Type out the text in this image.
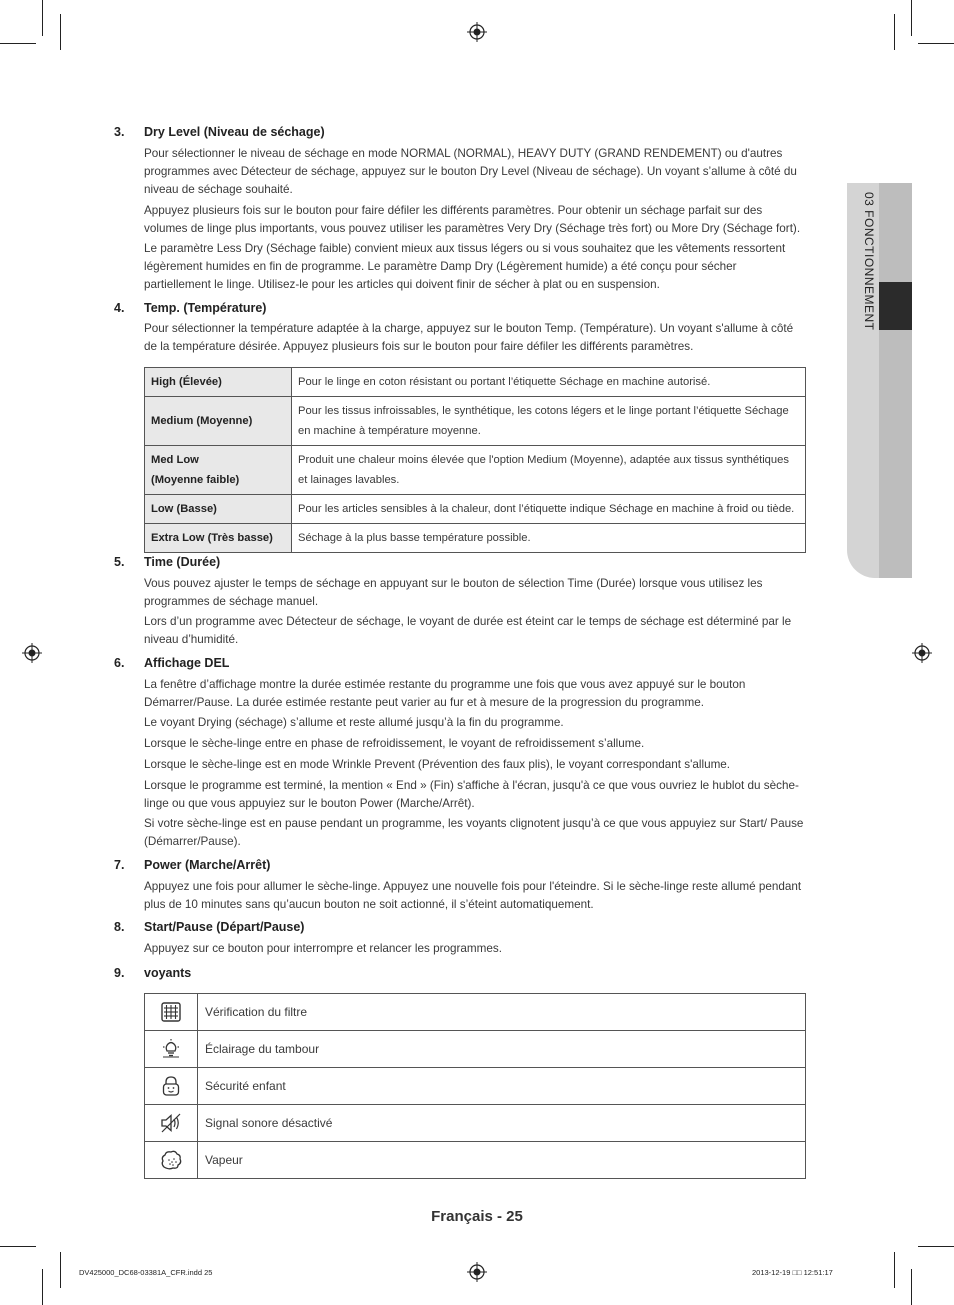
03 FONCTIONNEMENT
3. Dry Level (Niveau de séchage)

Pour sélectionner le niveau de séchage en mode NORMAL (NORMAL), HEAVY DUTY (GRAND RENDEMENT) ou d'autres programmes avec Détecteur de séchage, appuyez sur le bouton Dry Level (Niveau de séchage). Un voyant s’allume à côté du niveau de séchage souhaité.

Appuyez plusieurs fois sur le bouton pour faire défiler les différents paramètres. Pour obtenir un séchage parfait sur des volumes de linge plus importants, vous pouvez utiliser les paramètres Very Dry (Séchage très fort) ou More Dry (Séchage fort).

Le paramètre Less Dry (Séchage faible) convient mieux aux tissus légers ou si vous souhaitez que les vêtements ressortent légèrement humides en fin de programme. Le paramètre Damp Dry (Légèrement humide) a été conçu pour sécher partiellement le linge. Utilisez-le pour les articles qui doivent finir de sécher à plat ou en suspension.

4. Temp. (Température)

Pour sélectionner la température adaptée à la charge, appuyez sur le bouton Temp. (Température). Un voyant s'allume à côté de la température désirée. Appuyez plusieurs fois sur le bouton pour faire défiler les différents paramètres.

High (Élevée)	Pour le linge en coton résistant ou portant l’étiquette Séchage en machine autorisé.
Medium (Moyenne)	Pour les tissus infroissables, le synthétique, les cotons légers et le linge portant l’étiquette Séchage en machine à température moyenne.
Med Low
(Moyenne faible)	Produit une chaleur moins élevée que l'option Medium (Moyenne), adaptée aux tissus synthétiques et lainages lavables.
Low (Basse)	Pour les articles sensibles à la chaleur, dont l’étiquette indique Séchage en machine à froid ou tiède.
Extra Low (Très basse)	Séchage à la plus basse température possible.
5. Time (Durée)

Vous pouvez ajuster le temps de séchage en appuyant sur le bouton de sélection Time (Durée) lorsque vous utilisez les programmes de séchage manuel.

Lors d’un programme avec Détecteur de séchage, le voyant de durée est éteint car le temps de séchage est déterminé par le niveau d’humidité.

6. Affichage DEL

La fenêtre d’affichage montre la durée estimée restante du programme une fois que vous avez appuyé sur le bouton Démarrer/Pause. La durée estimée restante peut varier au fur et à mesure de la progression du programme.

Le voyant Drying (séchage) s’allume et reste allumé jusqu’à la fin du programme.

Lorsque le sèche-linge entre en phase de refroidissement, le voyant de refroidissement s’allume.

Lorsque le sèche-linge est en mode Wrinkle Prevent (Prévention des faux plis), le voyant correspondant s'allume.

Lorsque le programme est terminé, la mention « End » (Fin) s'affiche à l'écran, jusqu'à ce que vous ouvriez le hublot du sèche-linge ou que vous appuyiez sur le bouton Power (Marche/Arrêt).

Si votre sèche-linge est en pause pendant un programme, les voyants clignotent jusqu’à ce que vous appuyiez sur Start/ Pause (Démarrer/Pause).

7. Power (Marche/Arrêt)

Appuyez une fois pour allumer le sèche-linge. Appuyez une nouvelle fois pour l'éteindre. Si le sèche-linge reste allumé pendant plus de 10 minutes sans qu’aucun bouton ne soit actionné, il s’éteint automatiquement.

8. Start/Pause (Départ/Pause)

Appuyez sur ce bouton pour interrompre et relancer les programmes.

9. voyants
	Vérification du filtre

	Éclairage du tambour

	Sécurité enfant

	Signal sonore désactivé

	Vapeur
Français - 25
DV425000_DC68-03381A_CFR.indd 25	2013-12-19 □□ 12:51:17
